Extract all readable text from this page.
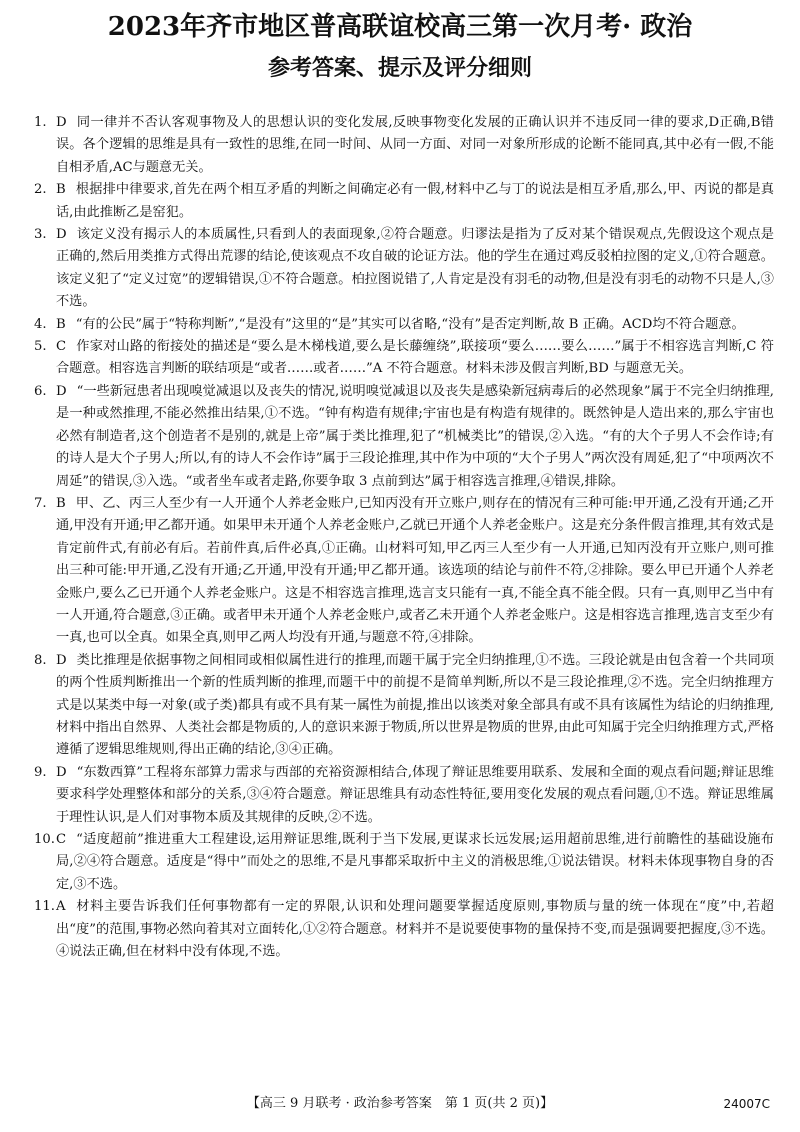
2023年齐市地区普高联谊校高三第一次月考· 政治
参考答案、提示及评分细则
1. D 同一律并不否认客观事物及人的思想认识的变化发展,反映事物变化发展的正确认识并不违反同一律的要求,D正确,B错误。各个逻辑的思维是具有一致性的思维,在同一时间、从同一方面、对同一对象所形成的论断不能同真,其中必有一假,不能自相矛盾,AC与题意无关。
2. B 根据排中律要求,首先在两个相互矛盾的判断之间确定必有一假,材料中乙与丁的说法是相互矛盾,那么,甲、丙说的都是真话,由此推断乙是窑犯。
3. D 该定义没有揭示人的本质属性,只看到人的表面现象,②符合题意。归谬法是指为了反对某个错误观点,先假设这个观点是正确的,然后用类推方式得出荒谬的结论,使该观点不攻自破的论证方法。他的学生在通过鸡反驳柏拉图的定义,①符合题意。该定义犯了“定义过宽”的逻辑错误,①不符合题意。柏拉图说错了,人肯定是没有羽毛的动物,但是没有羽毛的动物不只是人,③不选。
4. B “有的公民”属于“特称判断”,“是没有”这里的“是”其实可以省略,“没有”是否定判断,故 B 正确。ACD均不符合题意。
5. C 作家对山路的衔接处的描述是“要么是木梯栈道,要么是长藤缠绕”,联接项“要么……要么……”属于不相容选言判断,C 符合题意。相容选言判断的联结项是“或者……或者……”A 不符合题意。材料未涉及假言判断,BD 与题意无关。
6. D “一些新冠患者出现嗅觉减退以及丧失的情况,说明嗅觉减退以及丧失是感染新冠病毒后的必然现象”属于不完全归纳推理,是一种或然推理,不能必然推出结果,①不选。“钟有构造有规律;宇宙也是有构造有规律的。既然钟是人造出来的,那么宇宙也必然有制造者,这个创造者不是别的,就是上帝”属于类比推理,犯了“机械类比”的错误,②入选。“有的大个子男人不会作诗;有的诗人是大个子男人;所以,有的诗人不会作诗”属于三段论推理,其中作为中项的“大个子男人”两次没有周延,犯了“中项两次不周延”的错误,③入选。“或者坐车或者走路,你要争取 3 点前到达”属于相容选言推理,④错误,排除。
7. B 甲、乙、丙三人至少有一人开通个人养老金账户,已知丙没有开立账户,则存在的情况有三种可能:甲开通,乙没有开通;乙开通,甲没有开通;甲乙都开通。如果甲未开通个人养老金账户,乙就已开通个人养老金账户。这是充分条件假言推理,其有效式是肯定前件式,有前必有后。若前件真,后件必真,①正确。山材料可知,甲乙丙三人至少有一人开通,已知丙没有开立账户,则可推出三种可能:甲开通,乙没有开通;乙开通,甲没有开通;甲乙都开通。该选项的结论与前件不符,②排除。要么甲已开通个人养老金账户,要么乙已开通个人养老金账户。这是不相容选言推理,选言支只能有一真,不能全真不能全假。只有一真,则甲乙当中有一人开通,符合题意,③正确。或者甲未开通个人养老金账户,或者乙未开通个人养老金账户。这是相容选言推理,选言支至少有一真,也可以全真。如果全真,则甲乙两人均没有开通,与题意不符,④排除。
8. D 类比推理是依据事物之间相同或相似属性进行的推理,而题干属于完全归纳推理,①不选。三段论就是由包含着一个共同项的两个性质判断推出一个新的性质判断的推理,而题干中的前提不是简单判断,所以不是三段论推理,②不选。完全归纳推理方式是以某类中每一对象(或子类)都具有或不具有某一属性为前提,推出以该类对象全部具有或不具有该属性为结论的归纳推理,材料中指出自然界、人类社会都是物质的,人的意识来源于物质,所以世界是物质的世界,由此可知属于完全归纳推理方式,严格遵循了逻辑思维规则,得出正确的结论,③④正确。
9. D “东数西算”工程将东部算力需求与西部的充裕资源相结合,体现了辩证思维要用联系、发展和全面的观点看问题;辩证思维要求科学处理整体和部分的关系,③④符合题意。辩证思维具有动态性特征,要用变化发展的观点看问题,①不选。辩证思维属于理性认识,是人们对事物本质及其规律的反映,②不选。
10. C “适度超前”推进重大工程建设,运用辩证思维,既利于当下发展,更谋求长远发展;运用超前思维,进行前瞻性的基础设施布局,②④符合题意。适度是“得中”而处之的思维,不是凡事都采取折中主义的消极思维,①说法错误。材料未体现事物自身的否定,③不选。
11. A 材料主要告诉我们任何事物都有一定的界限,认识和处理问题要掌握适度原则,事物质与量的统一体现在“度”中,若超出“度”的范围,事物必然向着其对立面转化,①②符合题意。材料并不是说要使事物的量保持不变,而是强调要把握度,③不选。④说法正确,但在材料中没有体现,不选。
【高三 9 月联考 · 政治参考答案　第 1 页(共 2 页)】	24007C
